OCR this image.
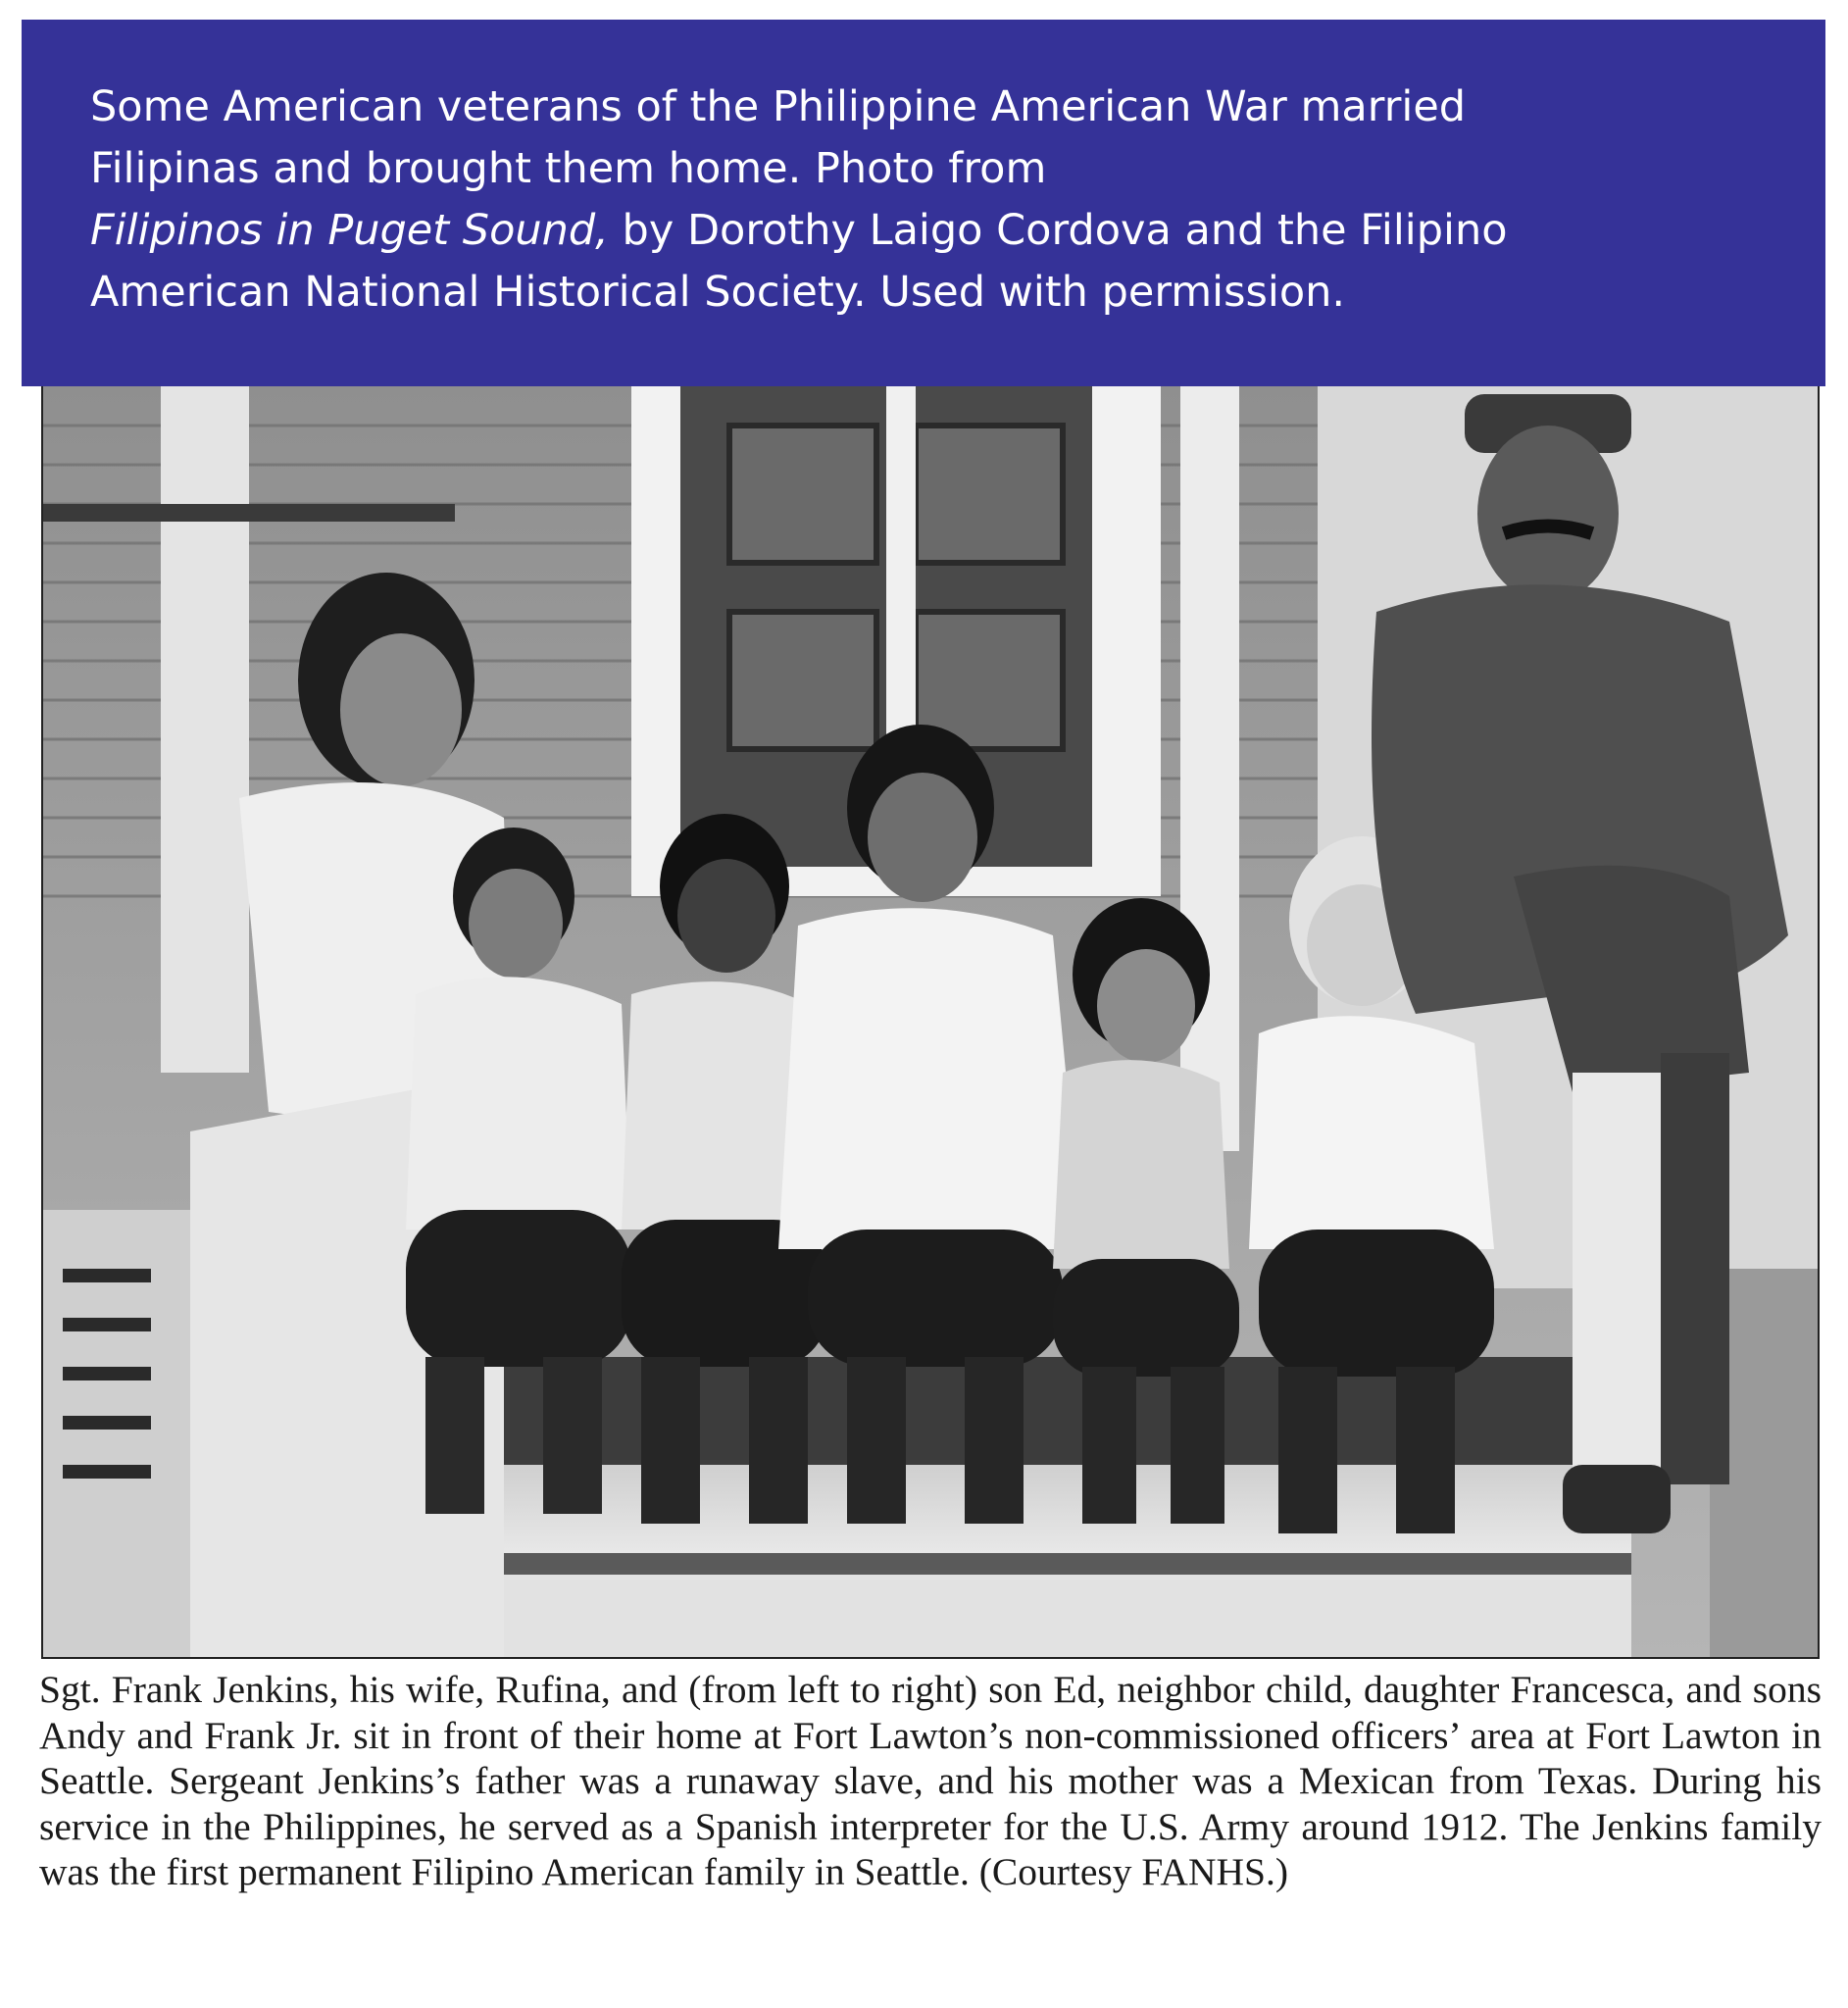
Some American veterans of the Philippine American War married
Filipinas and brought them home. Photo from
Filipinos in Puget Sound, by Dorothy Laigo Cordova and the Filipino
American National Historical Society. Used with permission.

Sgt. Frank Jenkins, his wife, Rufina, and (from left to right) son Ed, neighbor child, daughter Francesca, and sons Andy and Frank Jr. sit in front of their home at Fort Lawton’s non-commissioned officers’ area at Fort Lawton in Seattle. Sergeant Jenkins’s father was a runaway slave, and his mother was a Mexican from Texas. During his service in the Philippines, he served as a Spanish interpreter for the U.S. Army around 1912. The Jenkins family was the first permanent Filipino American family in Seattle. (Courtesy FANHS.)
